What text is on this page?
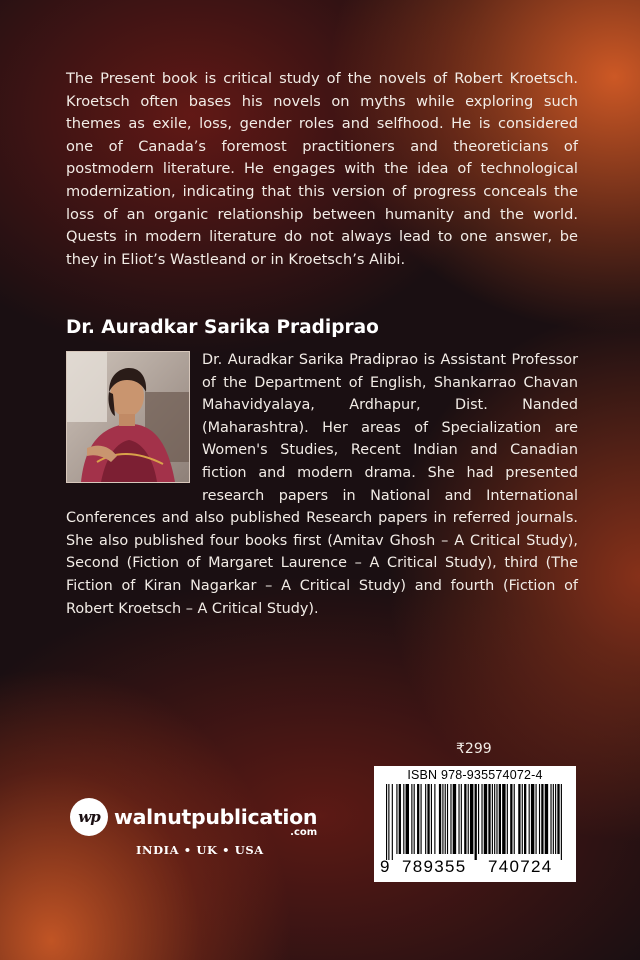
The Present book is critical study of the novels of Robert Kroetsch. Kroetsch often bases his novels on myths while exploring such themes as exile, loss, gender roles and selfhood. He is considered one of Canada’s foremost practitioners and theoreticians of postmodern literature. He engages with the idea of technological modernization, indicating that this version of progress conceals the loss of an organic relationship between humanity and the world. Quests in modern literature do not always lead to one answer, be they in Eliot’s Wastleand or in Kroetsch’s Alibi.

Dr. Auradkar Sarika Pradiprao

Dr. Auradkar Sarika Pradiprao is Assistant Professor of the Department of English, Shankarrao Chavan Mahavidyalaya, Ardhapur, Dist. Nanded (Maharashtra). Her areas of Specialization are Women's Studies, Recent Indian and Canadian fiction and modern drama. She had presented research papers in National and International Conferences and also published Research papers in referred journals. She also published four books first (Amitav Ghosh – A Critical Study), Second (Fiction of Margaret Laurence – A Critical Study), third (The Fiction of Kiran Nagarkar – A Critical Study) and fourth (Fiction of Robert Kroetsch – A Critical Study).

₹299
ISBN 978-935574072-4
9 789355 740724
wp walnutpublication
.com
INDIA • UK • USA
